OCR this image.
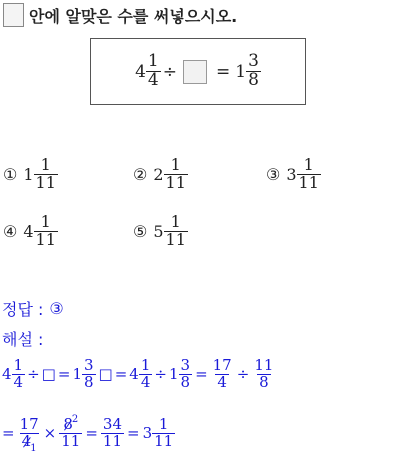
안에 알맞은 수를 써넣으시오.
$4 \frac{1}{4}$ ÷ = $1 \frac{3}{8}$
① $1 \frac{1}{11}$	② $2 \frac{1}{11}$	③ $3 \frac{1}{11}$
④ $4 \frac{1}{11}$	⑤ $5 \frac{1}{11}$
정답 : ③
해설 :
$4 \frac{1}{4}$ ÷ □ = $1 \frac{3}{8}$ □ = $4 \frac{1}{4} \div 1 \frac{3}{8} = \frac{17}{4} \div \frac{11}{8}$
= $\frac{17}{4_1} \times \frac{8^2}{11} = \frac{34}{11} = 3 \frac{1}{11}$
